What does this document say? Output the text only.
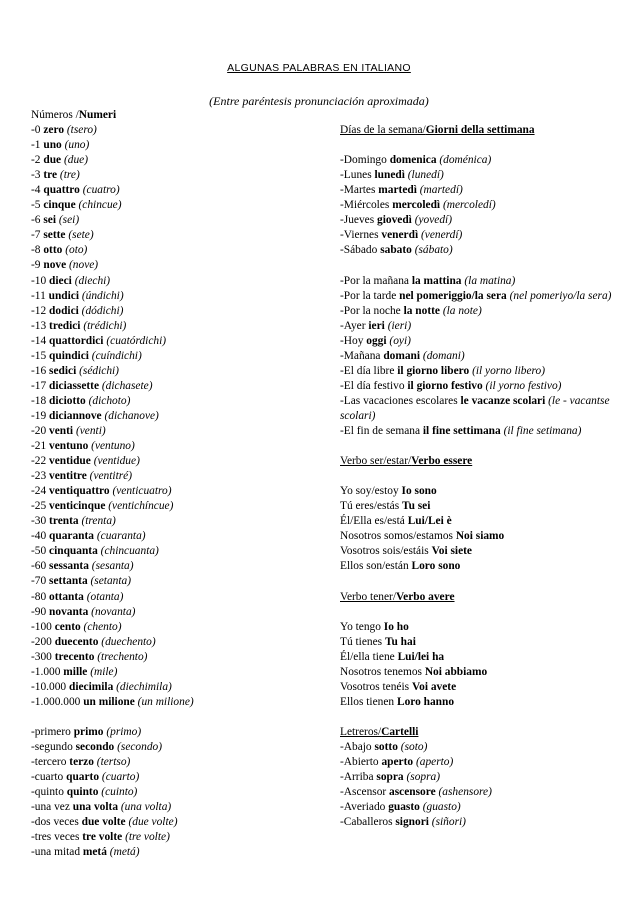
ALGUNAS PALABRAS EN ITALIANO
(Entre paréntesis pronunciación aproximada)
Números /Numeri
-0 zero (tsero)
-1 uno (uno)
-2 due (due)
-3 tre (tre)
-4 quattro (cuatro)
-5 cinque (chincue)
-6 sei (sei)
-7 sette (sete)
-8 otto (oto)
-9 nove (nove)
-10 dieci (diechi)
-11 undici (úndichi)
-12 dodici (dódichi)
-13 tredici (trédichi)
-14 quattordici (cuatórdichi)
-15 quindici (cuíndichi)
-16 sedici (sédichi)
-17 diciassette (dichasete)
-18 diciotto (dichoto)
-19 diciannove (dichanove)
-20 venti (venti)
-21 ventuno (ventuno)
-22 ventidue (ventidue)
-23 ventitre (ventitré)
-24 ventiquattro (venticuatro)
-25 venticinque (ventichíncue)
-30 trenta (trenta)
-40 quaranta (cuaranta)
-50 cinquanta (chincuanta)
-60 sessanta (sesanta)
-70 settanta (setanta)
-80 ottanta (otanta)
-90 novanta (novanta)
-100 cento (chento)
-200 duecento (duechento)
-300 trecento (trechento)
-1.000 mille (mile)
-10.000 diecimila (diechimila)
-1.000.000 un milione (un milione)
-primero primo (primo)
-segundo secondo (secondo)
-tercero terzo (tertso)
-cuarto quarto (cuarto)
-quinto quinto (cuinto)
-una vez una volta (una volta)
-dos veces due volte (due volte)
-tres veces tre volte (tre volte)
-una mitad metá (metá)
Días de la semana/Giorni della settimana
-Domingo domenica (doménica)
-Lunes lunedì (lunedí)
-Martes martedì (martedí)
-Miércoles mercoledì (mercoledí)
-Jueves giovedì (yovedí)
-Viernes venerdì (venerdí)
-Sábado sabato (sábato)
-Por la mañana la mattina (la matina)
-Por la tarde nel pomeriggio/la sera (nel pomeriyo/la sera)
-Por la noche la notte (la note)
-Ayer ieri (ieri)
-Hoy oggi (oyi)
-Mañana domani (domani)
-El día libre il giorno libero (il yorno libero)
-El día festivo il giorno festivo (il yorno festivo)
-Las vacaciones escolares le vacanze scolari (le - vacantse scolari)
-El fin de semana il fine settimana (il fine setimana)
Verbo ser/estar/Verbo essere
Yo soy/estoy Io sono
Tú eres/estás Tu sei
Él/Ella es/está Lui/Lei è
Nosotros somos/estamos Noi siamo
Vosotros sois/estáis Voi siete
Ellos son/están Loro sono
Verbo tener/Verbo avere
Yo tengo Io ho
Tú tienes Tu hai
Él/ella tiene Lui/lei ha
Nosotros tenemos Noi abbiamo
Vosotros tenéis Voi avete
Ellos tienen Loro hanno
Letreros/Cartelli
-Abajo sotto (soto)
-Abierto aperto (aperto)
-Arriba sopra (sopra)
-Ascensor ascensore (ashensore)
-Averiado guasto (guasto)
-Caballeros signori (siñori)
